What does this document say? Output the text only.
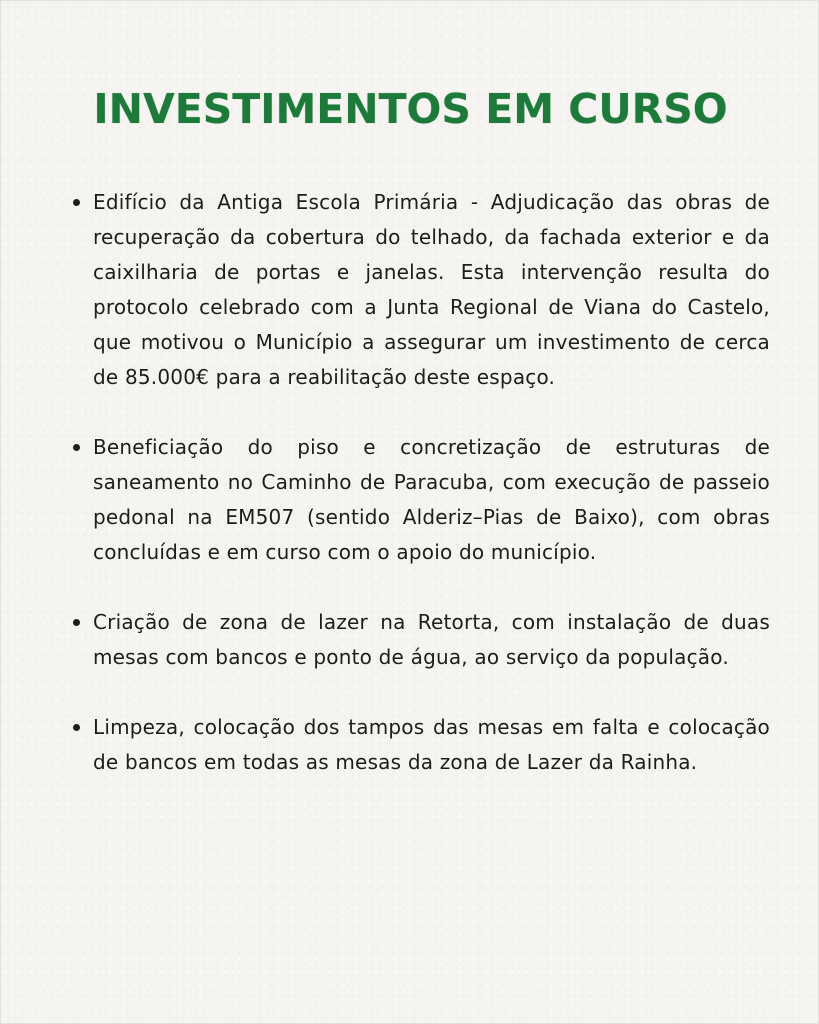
INVESTIMENTOS EM CURSO
Edifício da Antiga Escola Primária - Adjudicação das obras de recuperação da cobertura do telhado, da fachada exterior e da caixilharia de portas e janelas. Esta intervenção resulta do protocolo celebrado com a Junta Regional de Viana do Castelo, que motivou o Município a assegurar um investimento de cerca de 85.000€ para a reabilitação deste espaço.
Beneficiação do piso e concretização de estruturas de saneamento no Caminho de Paracuba, com execução de passeio pedonal na EM507 (sentido Alderiz–Pias de Baixo), com obras concluídas e em curso com o apoio do município.
Criação de zona de lazer na Retorta, com instalação de duas mesas com bancos e ponto de água, ao serviço da população.
Limpeza, colocação dos tampos das mesas em falta e colocação de bancos em todas as mesas da zona de Lazer da Rainha.
